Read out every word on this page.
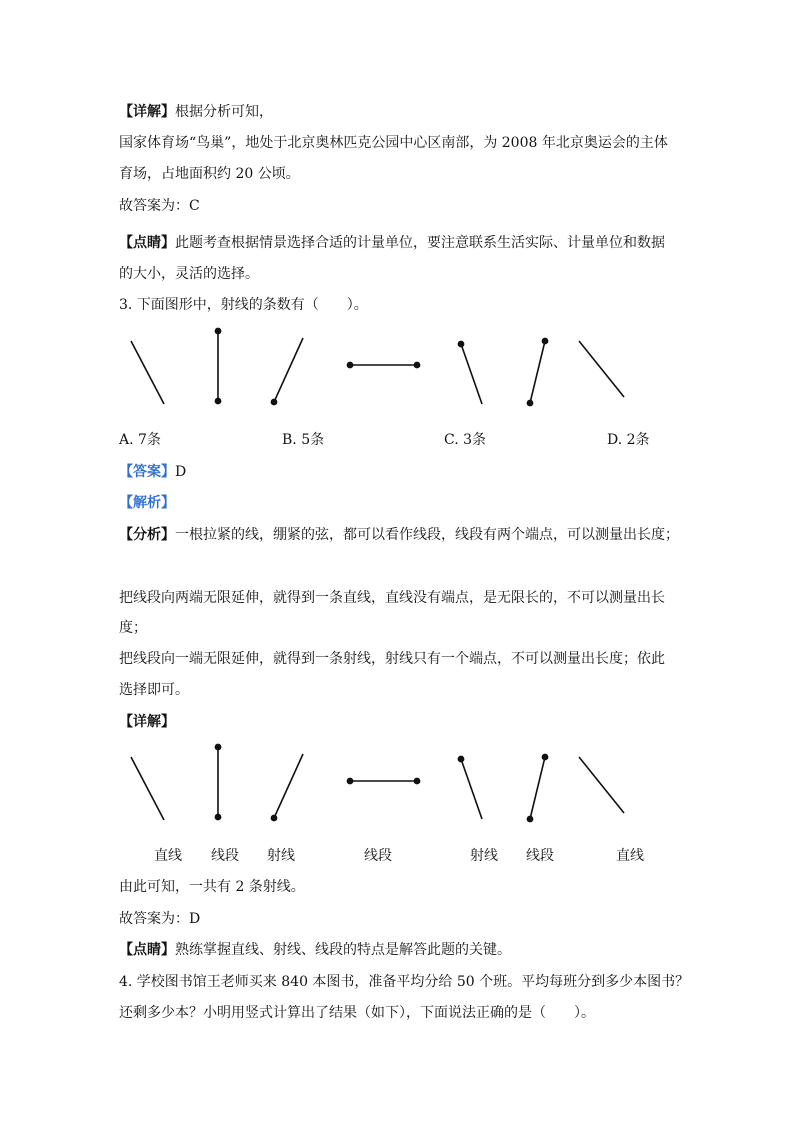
【详解】根据分析可知，
国家体育场“鸟巢”，地处于北京奥林匹克公园中心区南部，为 2008 年北京奥运会的主体
育场，占地面积约 20 公顷。
故答案为：C
【点睛】此题考查根据情景选择合适的计量单位，要注意联系生活实际、计量单位和数据
的大小，灵活的选择。
3. 下面图形中，射线的条数有（　　）。
A. 7条	B. 5条	C. 3条	D. 2条
【答案】D
【解析】
【分析】一根拉紧的线，绷紧的弦，都可以看作线段，线段有两个端点，可以测量出长度；
把线段向两端无限延伸，就得到一条直线，直线没有端点，是无限长的，不可以测量出长
度；
把线段向一端无限延伸，就得到一条射线，射线只有一个端点，不可以测量出长度；依此
选择即可。
【详解】
直线 线段 射线	线段	射线 线段	直线
由此可知，一共有 2 条射线。
故答案为：D
【点睛】熟练掌握直线、射线、线段的特点是解答此题的关键。
4. 学校图书馆王老师买来 840 本图书，准备平均分给 50 个班。平均每班分到多少本图书？
还剩多少本？小明用竖式计算出了结果（如下），下面说法正确的是（　　）。
